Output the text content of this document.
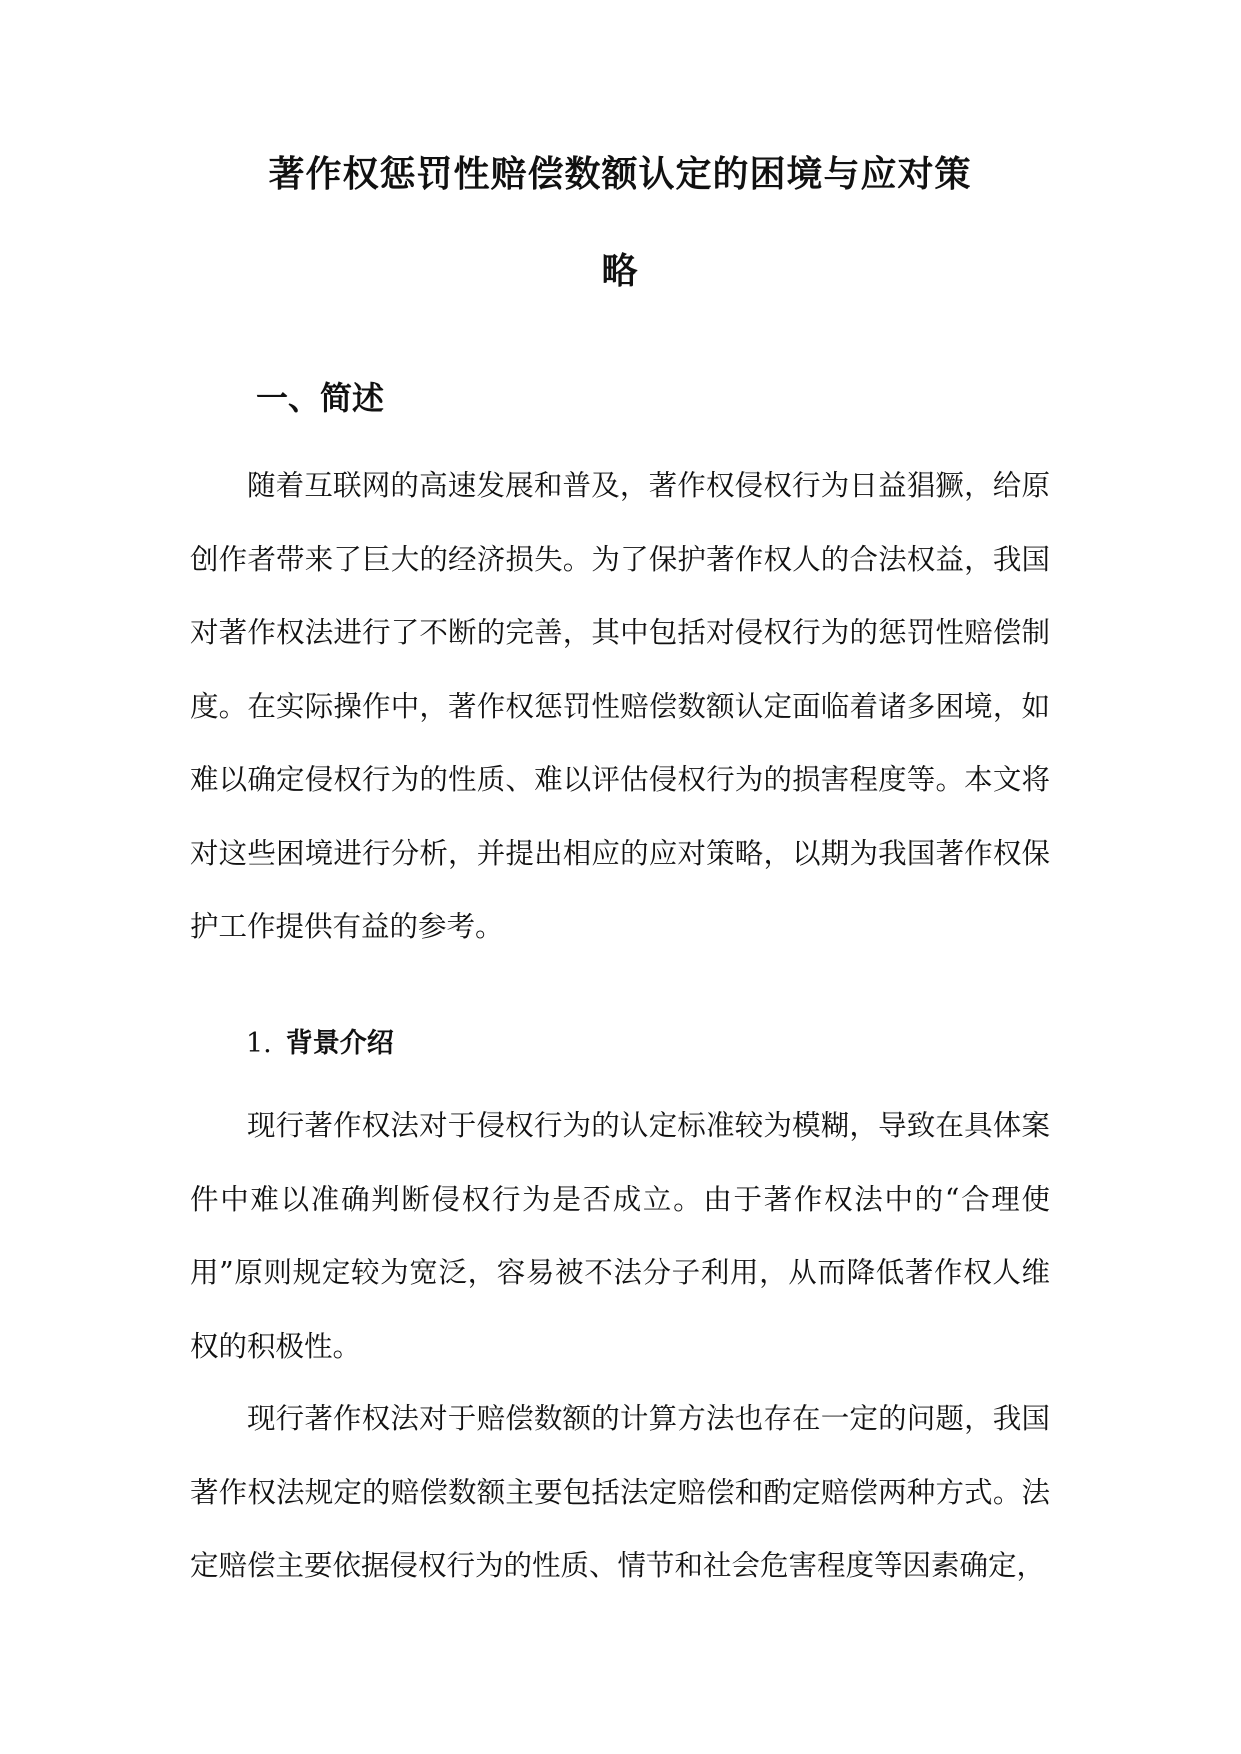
著作权惩罚性赔偿数额认定的困境与应对策
略
一、简述

随着互联网的高速发展和普及，著作权侵权行为日益猖獗，给原创作者带来了巨大的经济损失。为了保护著作权人的合法权益，我国对著作权法进行了不断的完善，其中包括对侵权行为的惩罚性赔偿制度。在实际操作中，著作权惩罚性赔偿数额认定面临着诸多困境，如难以确定侵权行为的性质、难以评估侵权行为的损害程度等。本文将对这些困境进行分析，并提出相应的应对策略，以期为我国著作权保护工作提供有益的参考。

1. 背景介绍

现行著作权法对于侵权行为的认定标准较为模糊，导致在具体案件中难以准确判断侵权行为是否成立。由于著作权法中的“合理使用”原则规定较为宽泛，容易被不法分子利用，从而降低著作权人维权的积极性。

现行著作权法对于赔偿数额的计算方法也存在一定的问题，我国著作权法规定的赔偿数额主要包括法定赔偿和酌定赔偿两种方式。法定赔偿主要依据侵权行为的性质、情节和社会危害程度等因素确定，
